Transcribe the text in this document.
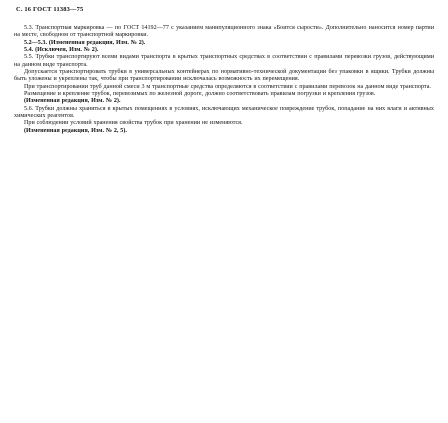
С. 16 ГОСТ 11383—75

5.3. Транспортная маркировка — по ГОСТ 14192—77 с указанием манипуляционного знака «Боится сырости». Дополнительно наносится номер партии на месте, свободном от транспортной маркировки.

5.2—5.3. (Измененная редакция, Изм. № 2).

5.4. (Исключен, Изм. № 2).

5.5. Трубки транспортируют всеми видами транспорта в крытых транспортных средствах в соответствии с правилами перевозки грузов, действующими на данном виде транспорта.

Допускается транспортировать трубки в универсальных контейнерах по нормативно-технической документации без упаковки в ящики. Трубки должны быть уложены и укреплены так, чтобы при транспортировании исключалась возможность их перемещения.

При транспортировании труб данной смеси 3 м транспортные средства определяются в соответствии с правилами перевозок на данном виде транспорта.

Размещение и крепление трубок, перевозимых по железной дороге, должно соответствовать правилам погрузки и крепления грузов.

(Измененная редакция, Изм. № 2).

5.6. Трубки должны храниться в крытых помещениях в условиях, исключающих механическое повреждение трубок, попадание на них влаги и активных химических реагентов.

При соблюдении условий хранения свойства трубок при хранении не изменяются.

(Измененная редакция, Изм. № 2, 5).
